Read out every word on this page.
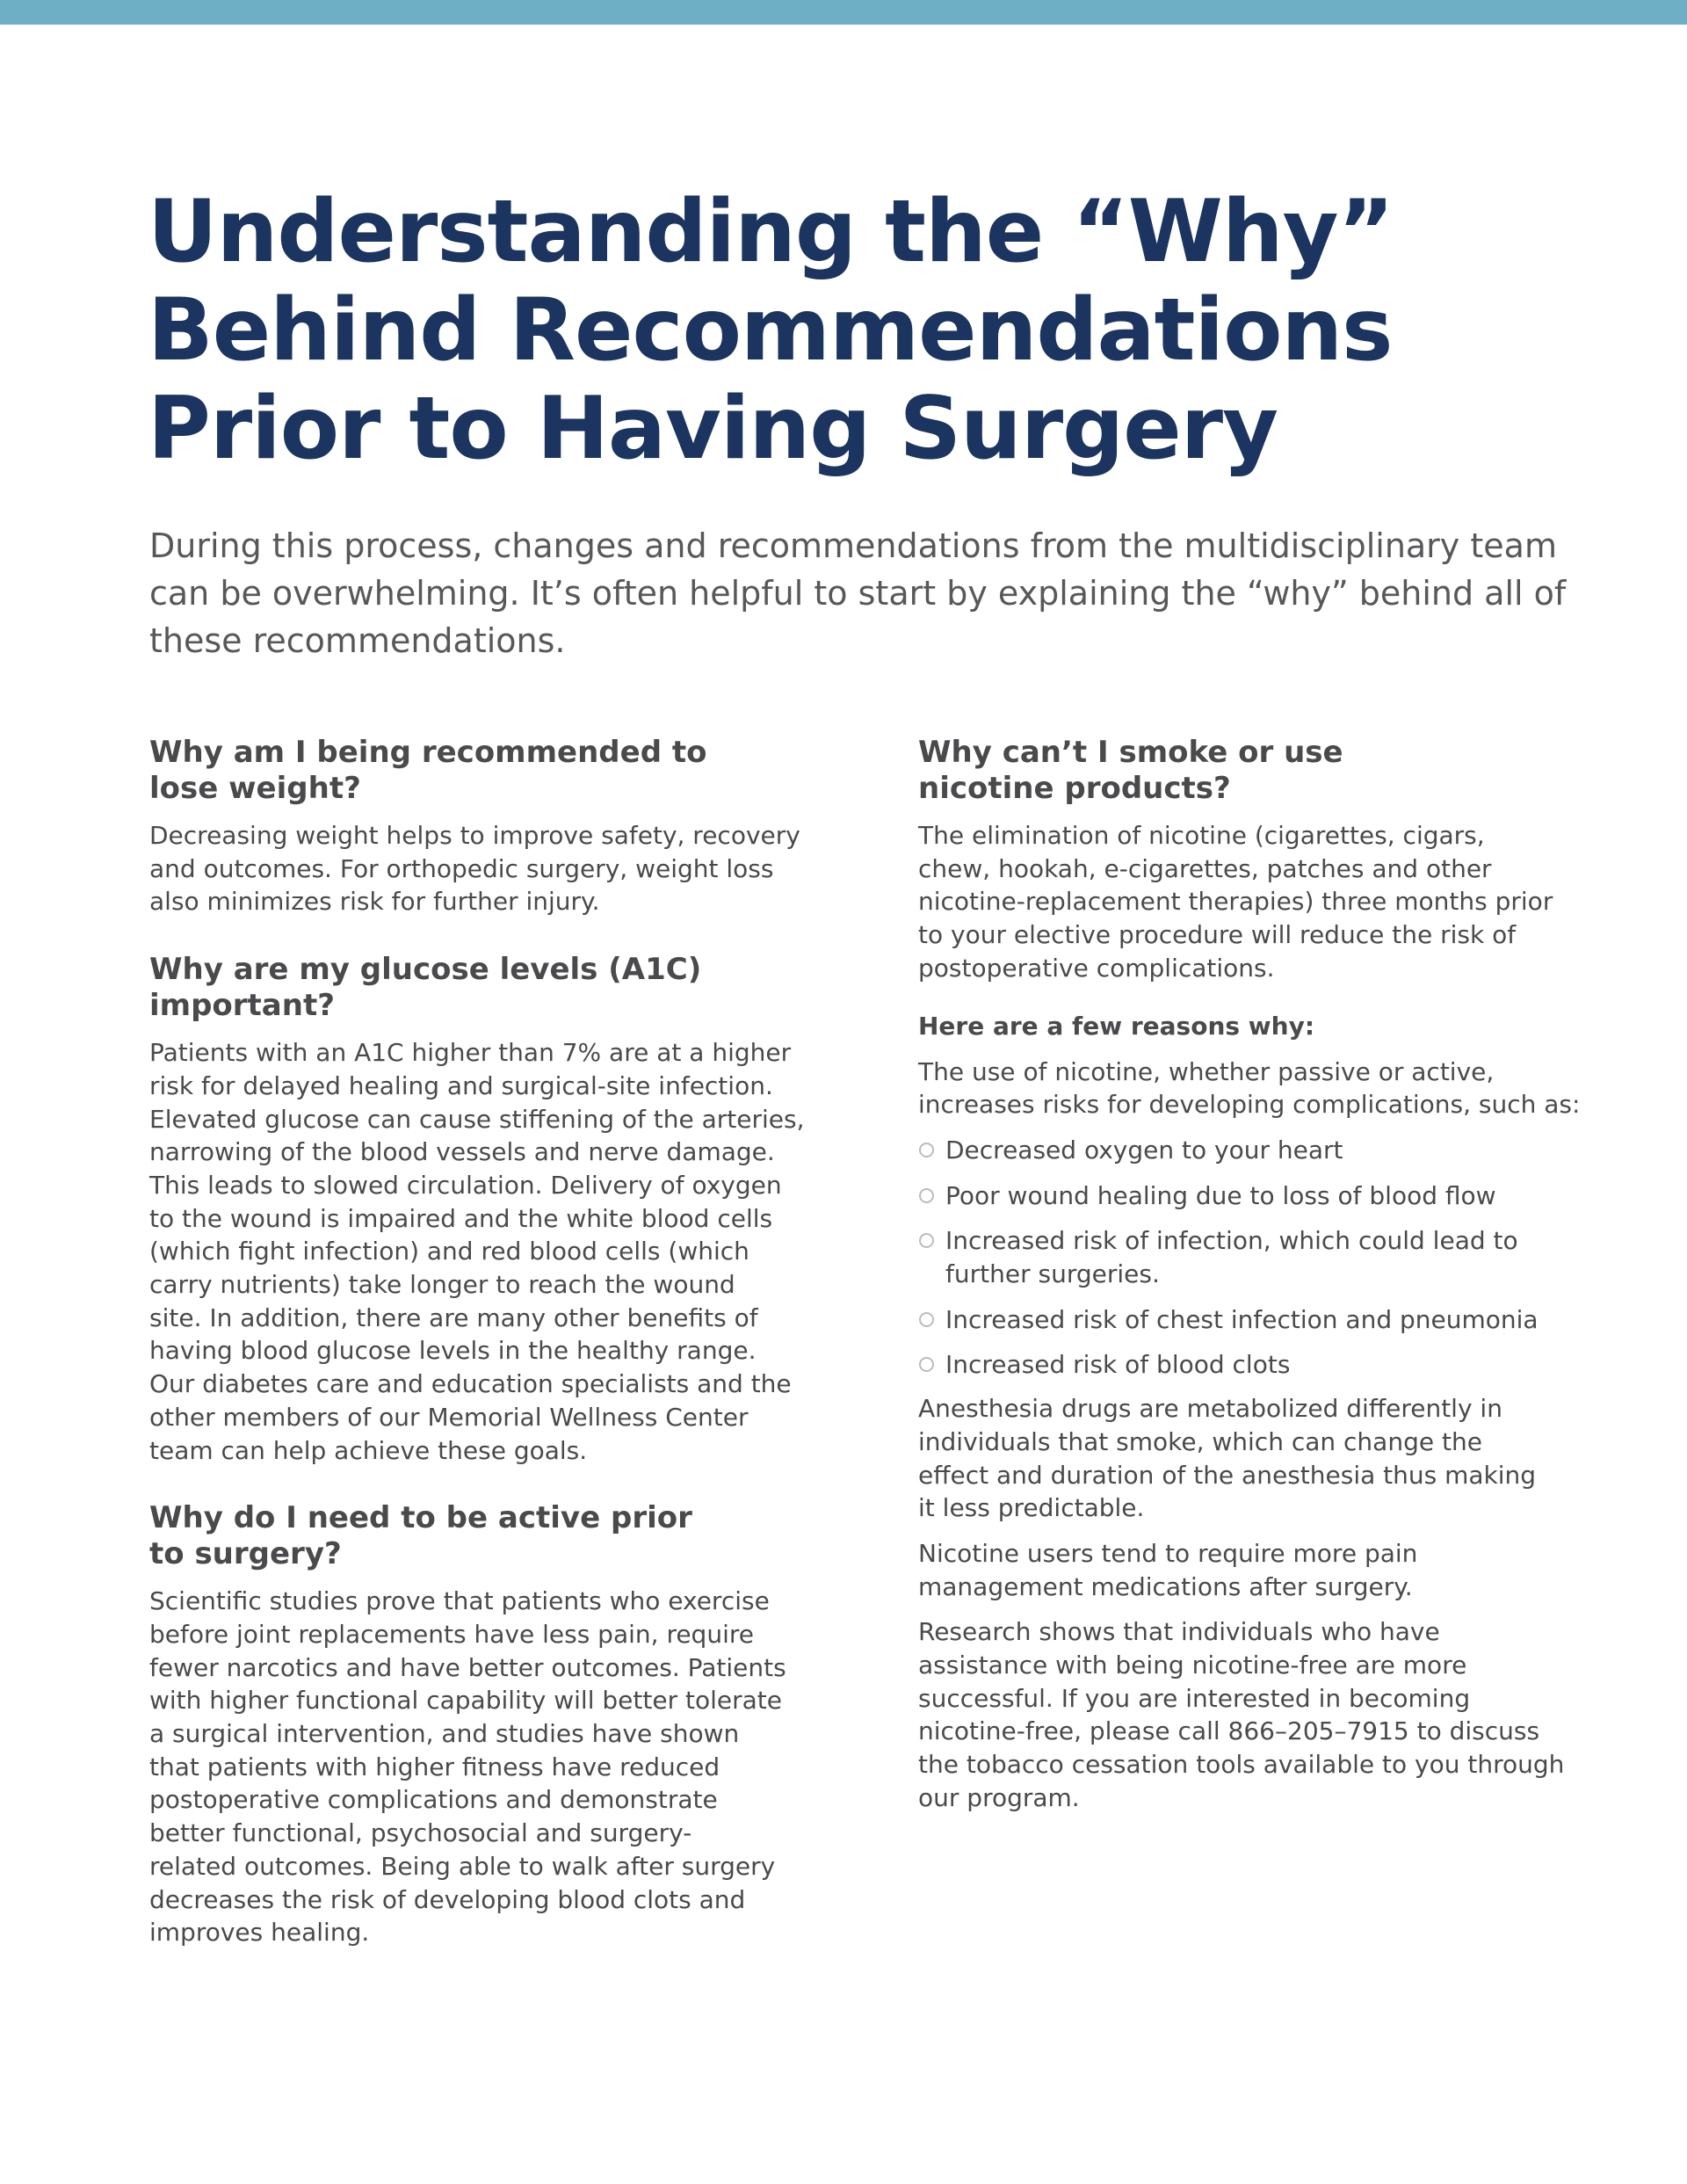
Understanding the “Why”
Behind Recommendations
Prior to Having Surgery

During this process, changes and recommendations from the multidisciplinary team
can be overwhelming. It’s often helpful to start by explaining the “why” behind all of
these recommendations.

Why am I being recommended to
lose weight?

Decreasing weight helps to improve safety, recovery
and outcomes. For orthopedic surgery, weight loss
also minimizes risk for further injury.

Why are my glucose levels (A1C)
important?

Patients with an A1C higher than 7% are at a higher
risk for delayed healing and surgical-site infection.
Elevated glucose can cause stiffening of the arteries,
narrowing of the blood vessels and nerve damage.
This leads to slowed circulation. Delivery of oxygen
to the wound is impaired and the white blood cells
(which fight infection) and red blood cells (which
carry nutrients) take longer to reach the wound
site. In addition, there are many other benefits of
having blood glucose levels in the healthy range.
Our diabetes care and education specialists and the
other members of our Memorial Wellness Center
team can help achieve these goals.

Why do I need to be active prior
to surgery?

Scientific studies prove that patients who exercise
before joint replacements have less pain, require
fewer narcotics and have better outcomes. Patients
with higher functional capability will better tolerate
a surgical intervention, and studies have shown
that patients with higher fitness have reduced
postoperative complications and demonstrate
better functional, psychosocial and surgery-
related outcomes. Being able to walk after surgery
decreases the risk of developing blood clots and
improves healing.

Why can’t I smoke or use
nicotine products?

The elimination of nicotine (cigarettes, cigars,
chew, hookah, e-cigarettes, patches and other
nicotine-replacement therapies) three months prior
to your elective procedure will reduce the risk of
postoperative complications.

Here are a few reasons why:

The use of nicotine, whether passive or active,
increases risks for developing complications, such as:

Decreased oxygen to your heart
Poor wound healing due to loss of blood flow
Increased risk of infection, which could lead to
further surgeries.
Increased risk of chest infection and pneumonia
Increased risk of blood clots

Anesthesia drugs are metabolized differently in
individuals that smoke, which can change the
effect and duration of the anesthesia thus making
it less predictable.

Nicotine users tend to require more pain
management medications after surgery.

Research shows that individuals who have
assistance with being nicotine-free are more
successful. If you are interested in becoming
nicotine-free, please call 866–205–7915 to discuss
the tobacco cessation tools available to you through
our program.
